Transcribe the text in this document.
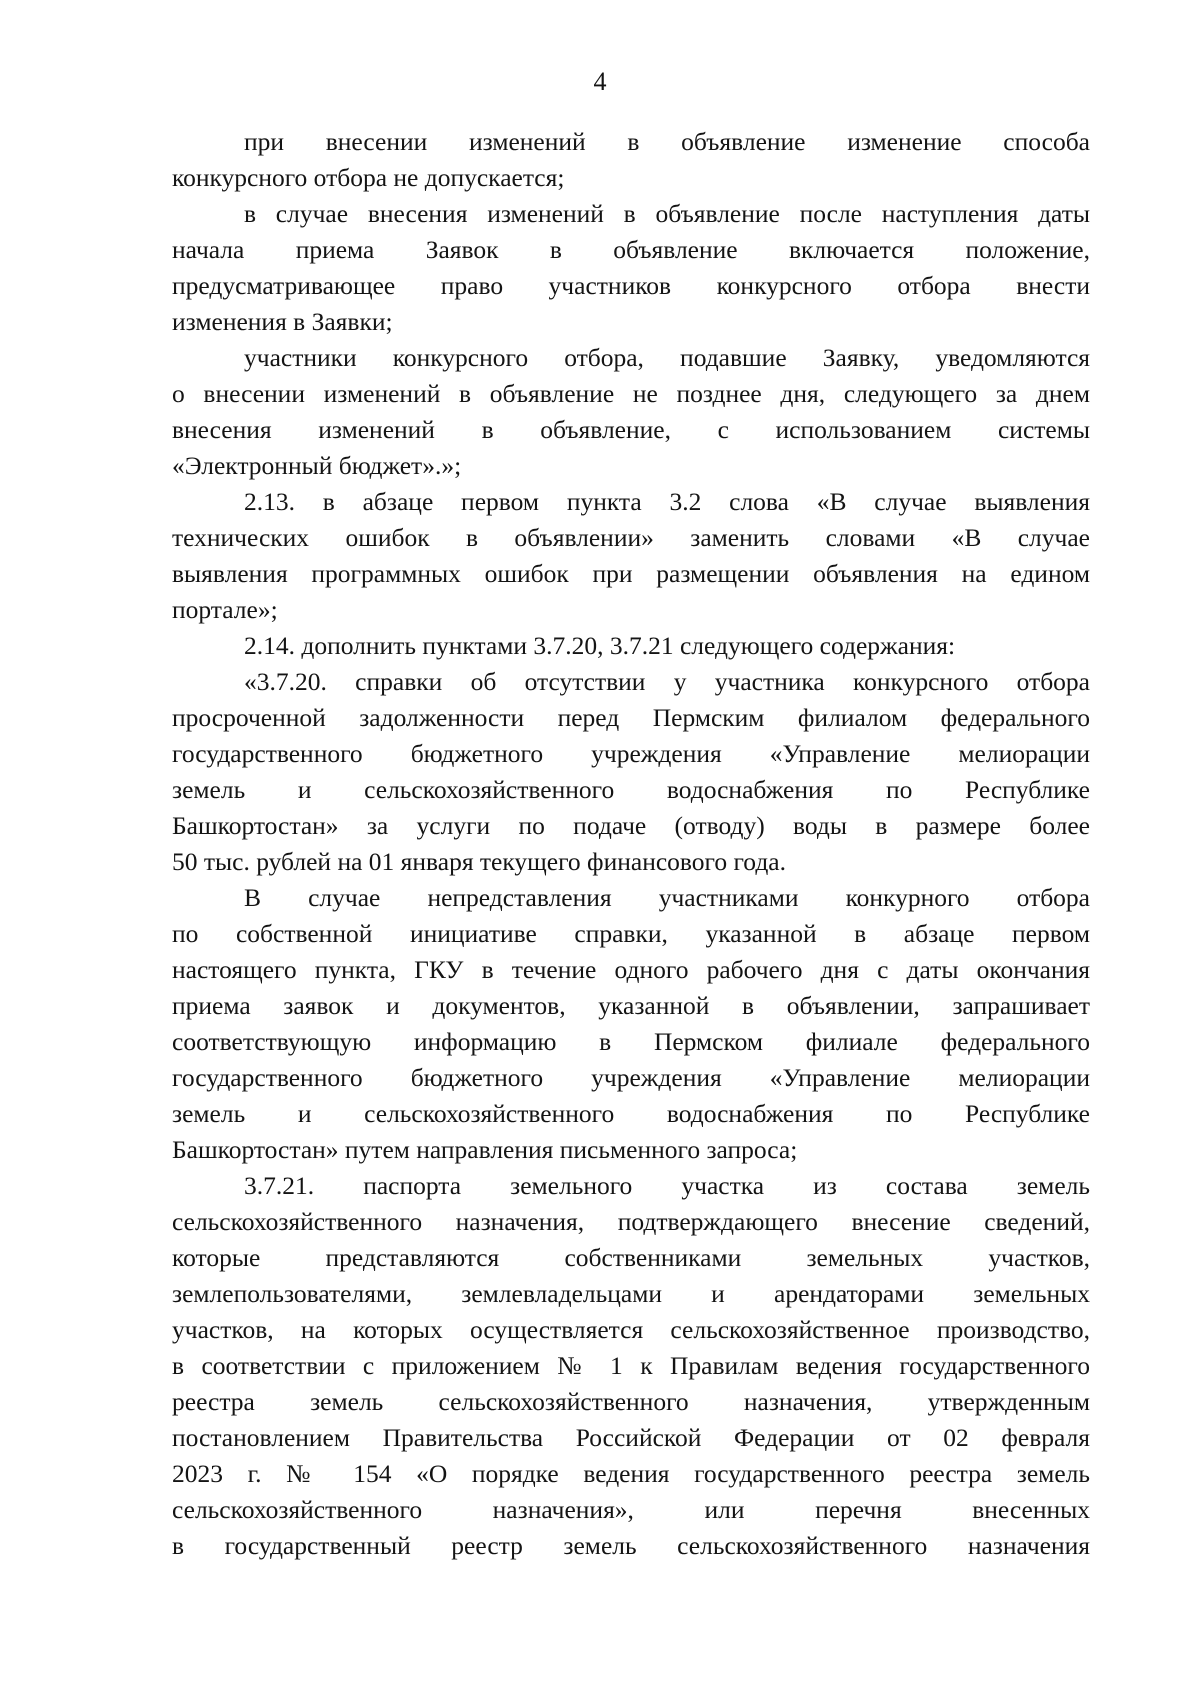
4
при внесении изменений в объявление изменение способа
конкурсного отбора не допускается;
в случае внесения изменений в объявление после наступления даты
начала приема Заявок в объявление включается положение,
предусматривающее право участников конкурсного отбора внести
изменения в Заявки;
участники конкурсного отбора, подавшие Заявку, уведомляются
о внесении изменений в объявление не позднее дня, следующего за днем
внесения изменений в объявление, с использованием системы
«Электронный бюджет».»;
2.13. в абзаце первом пункта 3.2 слова «В случае выявления
технических ошибок в объявлении» заменить словами «В случае
выявления программных ошибок при размещении объявления на едином
портале»;
2.14. дополнить пунктами 3.7.20, 3.7.21 следующего содержания:
«3.7.20. справки об отсутствии у участника конкурсного отбора
просроченной задолженности перед Пермским филиалом федерального
государственного бюджетного учреждения «Управление мелиорации
земель и сельскохозяйственного водоснабжения по Республике
Башкортостан» за услуги по подаче (отводу) воды в размере более
50 тыс. рублей на 01 января текущего финансового года.
В случае непредставления участниками конкурного отбора
по собственной инициативе справки, указанной в абзаце первом
настоящего пункта, ГКУ в течение одного рабочего дня с даты окончания
приема заявок и документов, указанной в объявлении, запрашивает
соответствующую информацию в Пермском филиале федерального
государственного бюджетного учреждения «Управление мелиорации
земель и сельскохозяйственного водоснабжения по Республике
Башкортостан» путем направления письменного запроса;
3.7.21. паспорта земельного участка из состава земель
сельскохозяйственного назначения, подтверждающего внесение сведений,
которые представляются собственниками земельных участков,
землепользователями, землевладельцами и арендаторами земельных
участков, на которых осуществляется сельскохозяйственное производство,
в соответствии с приложением № 1 к Правилам ведения государственного
реестра земель сельскохозяйственного назначения, утвержденным
постановлением Правительства Российской Федерации от 02 февраля
2023 г. № 154 «О порядке ведения государственного реестра земель
сельскохозяйственного назначения», или перечня внесенных
в государственный реестр земель сельскохозяйственного назначения
